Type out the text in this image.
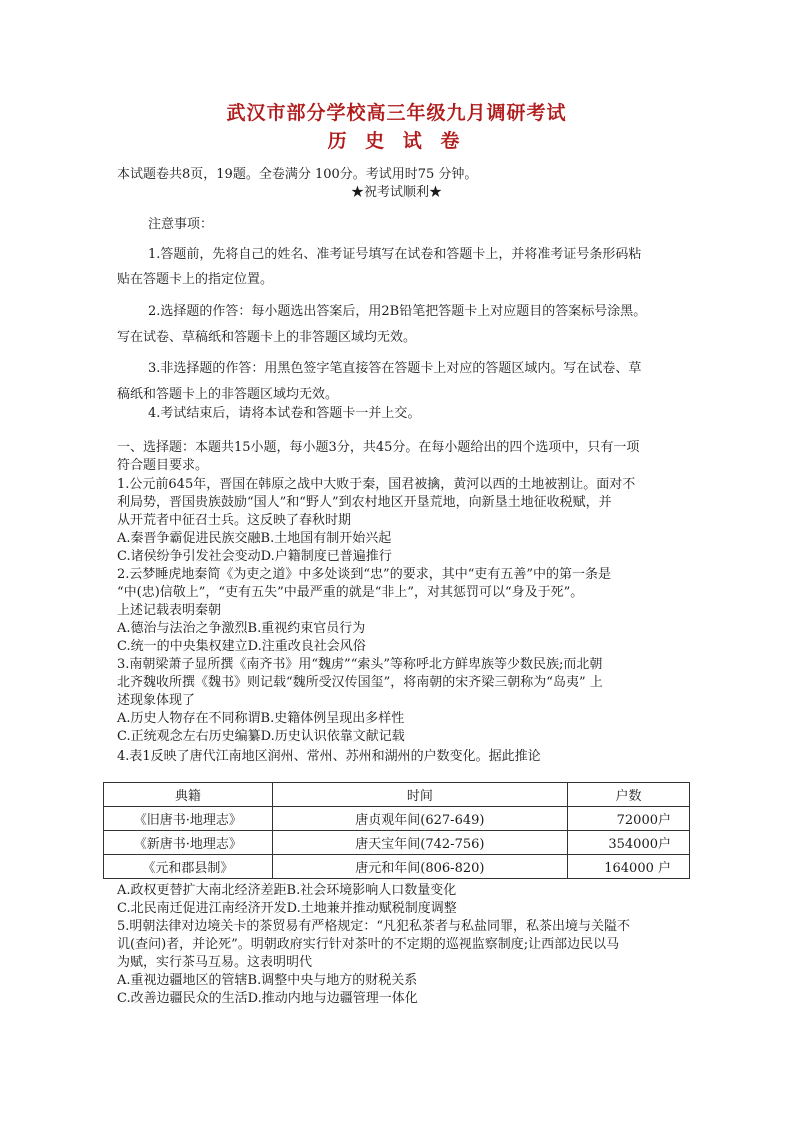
武汉市部分学校高三年级九月调研考试
历 史 试 卷
本试题卷共8页，19题。全卷满分 100分。考试用时75 分钟。
★祝考试顺利★
注意事项：
1.答题前，先将自己的姓名、准考证号填写在试卷和答题卡上，并将准考证号条形码粘
贴在答题卡上的指定位置。
2.选择题的作答：每小题选出答案后，用2B铅笔把答题卡上对应题目的答案标号涂黑。
写在试卷、草稿纸和答题卡上的非答题区域均无效。
3.非选择题的作答：用黑色签字笔直接答在答题卡上对应的答题区域内。写在试卷、草
稿纸和答题卡上的非答题区域均无效。
4.考试结束后，请将本试卷和答题卡一并上交。
一、选择题：本题共15小题，每小题3分，共45分。在每小题给出的四个选项中，只有一项
符合题目要求。
1.公元前645年，晋国在韩原之战中大败于秦，国君被擒，黄河以西的土地被割让。面对不
利局势，晋国贵族鼓励“国人”和“野人”到农村地区开垦荒地，向新垦土地征收税赋，并
从开荒者中征召士兵。这反映了春秋时期
A.秦晋争霸促进民族交融B.土地国有制开始兴起
C.诸侯纷争引发社会变动D.户籍制度已普遍推行
2.云梦睡虎地秦简《为吏之道》中多处谈到“忠”的要求，其中“吏有五善”中的第一条是
“中(忠)信敬上”，“吏有五失”中最严重的就是“非上”，对其惩罚可以“身及于死”。
上述记载表明秦朝
A.德治与法治之争激烈B.重视约束官员行为
C.统一的中央集权建立D.注重改良社会风俗
3.南朝梁萧子显所撰《南齐书》用“魏虏”“索头”等称呼北方鲜卑族等少数民族;而北朝
北齐魏收所撰《魏书》则记载“魏所受汉传国玺”，将南朝的宋齐梁三朝称为“岛夷” 上
述现象体现了
A.历史人物存在不同称谓B.史籍体例呈现出多样性
C.正统观念左右历史编纂D.历史认识依靠文献记载
4.表1反映了唐代江南地区润州、常州、苏州和湖州的户数变化。据此推论
典籍	时间	户数
《旧唐书·地理志》	唐贞观年间(627-649)	72000户
《新唐书·地理志》	唐天宝年间(742-756)	354000户
《元和郡县制》	唐元和年间(806-820)	164000 户
A.政权更替扩大南北经济差距B.社会环境影响人口数量变化
C.北民南迁促进江南经济开发D.土地兼并推动赋税制度调整
5.明朝法律对边境关卡的茶贸易有严格规定：“凡犯私茶者与私盐同罪，私茶出境与关隘不
讥(查问)者，并论死”。明朝政府实行针对茶叶的不定期的巡视监察制度;让西部边民以马
为赋，实行茶马互易。这表明明代
A.重视边疆地区的管辖B.调整中央与地方的财税关系
C.改善边疆民众的生活D.推动内地与边疆管理一体化
